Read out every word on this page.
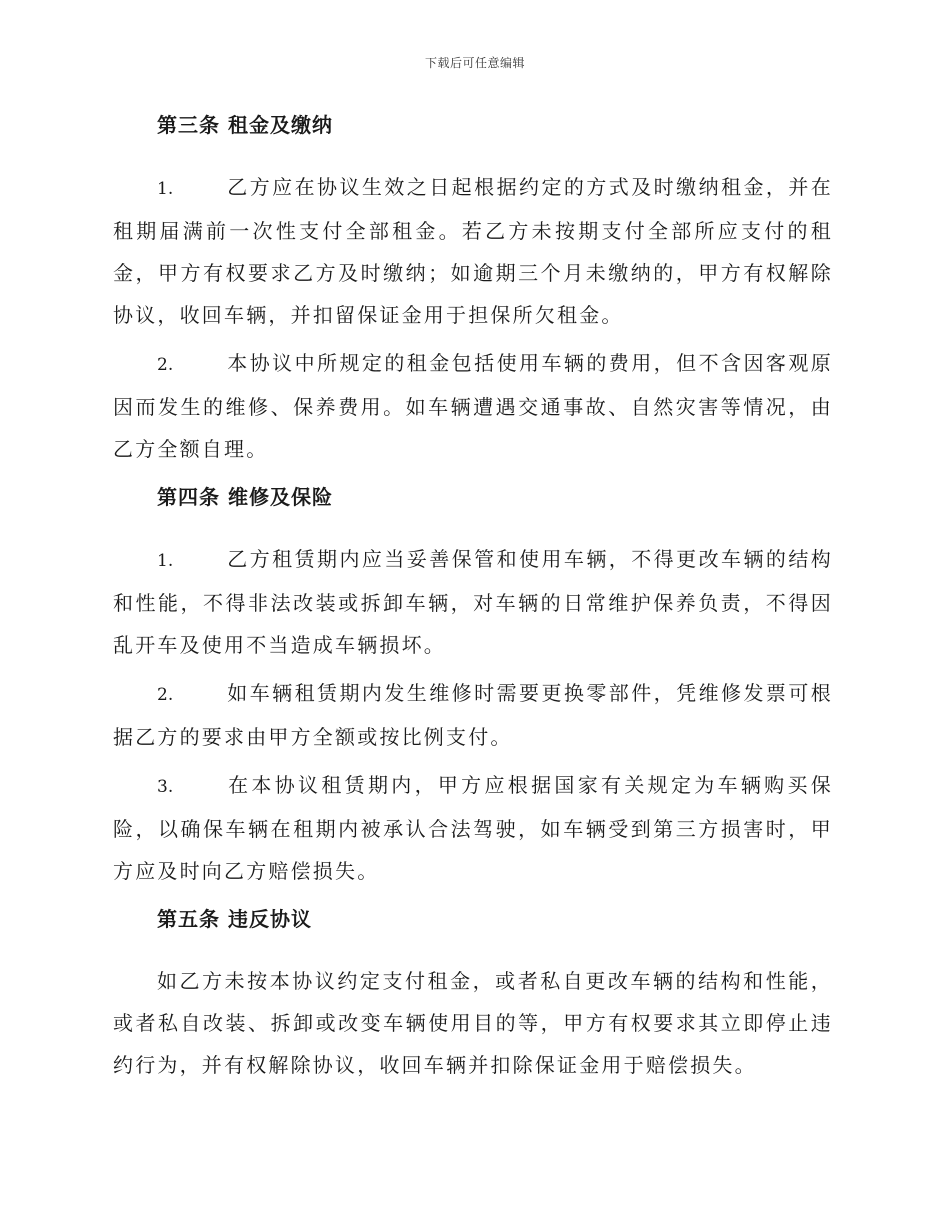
下载后可任意编辑
第三条 租金及缴纳

1.	乙方应在协议生效之日起根据约定的方式及时缴纳租金，并在租期届满前一次性支付全部租金。若乙方未按期支付全部所应支付的租金，甲方有权要求乙方及时缴纳；如逾期三个月未缴纳的，甲方有权解除协议，收回车辆，并扣留保证金用于担保所欠租金。

2.	本协议中所规定的租金包括使用车辆的费用，但不含因客观原因而发生的维修、保养费用。如车辆遭遇交通事故、自然灾害等情况，由乙方全额自理。

第四条 维修及保险

1.	乙方租赁期内应当妥善保管和使用车辆，不得更改车辆的结构和性能，不得非法改装或拆卸车辆，对车辆的日常维护保养负责，不得因乱开车及使用不当造成车辆损坏。

2.	如车辆租赁期内发生维修时需要更换零部件，凭维修发票可根据乙方的要求由甲方全额或按比例支付。

3.	在本协议租赁期内，甲方应根据国家有关规定为车辆购买保险，以确保车辆在租期内被承认合法驾驶，如车辆受到第三方损害时，甲方应及时向乙方赔偿损失。

第五条 违反协议

如乙方未按本协议约定支付租金，或者私自更改车辆的结构和性能，或者私自改装、拆卸或改变车辆使用目的等，甲方有权要求其立即停止违约行为，并有权解除协议，收回车辆并扣除保证金用于赔偿损失。
